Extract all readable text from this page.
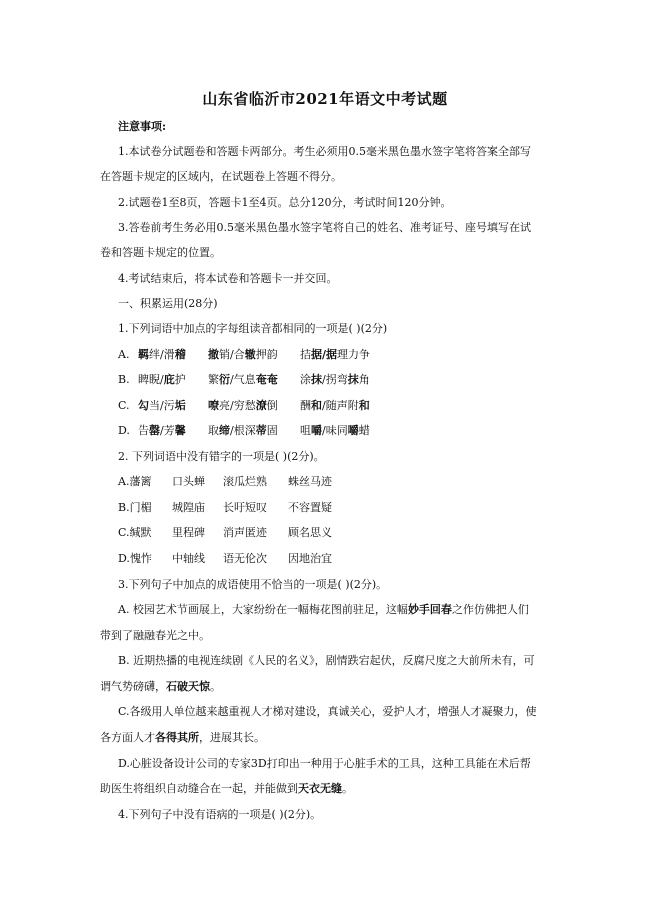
山东省临沂市2021年语文中考试题
注意事项:
1.本试卷分试题卷和答题卡两部分。考生必须用0.5毫米黑色墨水签字笔将答案全部写
在答题卡规定的区域内，在试题卷上答题不得分。
2.试题卷1至8页，答题卡1至4页。总分120分，考试时间120分钟。
3.答卷前考生务必用0.5毫米黑色墨水签字笔将自己的姓名、准考证号、座号填写在试
卷和答题卡规定的位置。
4.考试结束后，将本试卷和答题卡一并交回。
一、积累运用(28分)
1.下列词语中加点的字每组读音都相同的一项是( )(2分)
A. 羁绊/滑稽 撤销/合辙押韵 拮据/据理力争
B. 睥睨/庇护 繁衍/气息奄奄 涂抹/拐弯抹角
C. 勾当/污垢 嘹亮/穷愁潦倒 酬和/随声附和
D. 告罄/芳馨 取缔/根深蒂固 咀嚼/味同嚼蜡
2. 下列词语中没有错字的一项是( )(2分)。
A.藩篱 口头蝉 滚瓜烂熟 蛛丝马迹
B.门楣 城隍庙 长吁短叹 不容置疑
C.缄默 里程碑 消声匿迹 顾名思义
D.愧怍 中轴线 语无伦次 因地治宜
3.下列句子中加点的成语使用不恰当的一项是( )(2分)。
A. 校园艺术节画展上，大家纷纷在一幅梅花图前驻足，这幅妙手回春之作仿佛把人们
带到了融融春光之中。
B. 近期热播的电视连续剧《人民的名义》，剧情跌宕起伏，反腐尺度之大前所未有，可
谓气势磅礴，石破天惊。
C.各级用人单位越来越重视人才梯对建设，真诚关心，爱护人才，增强人才凝聚力，使
各方面人才各得其所，进展其长。
D.心脏设备设计公司的专家3D打印出一种用于心脏手术的工具，这种工具能在术后帮
助医生将组织自动缝合在一起，并能做到天衣无缝。
4.下列句子中没有语病的一项是( )(2分)。
